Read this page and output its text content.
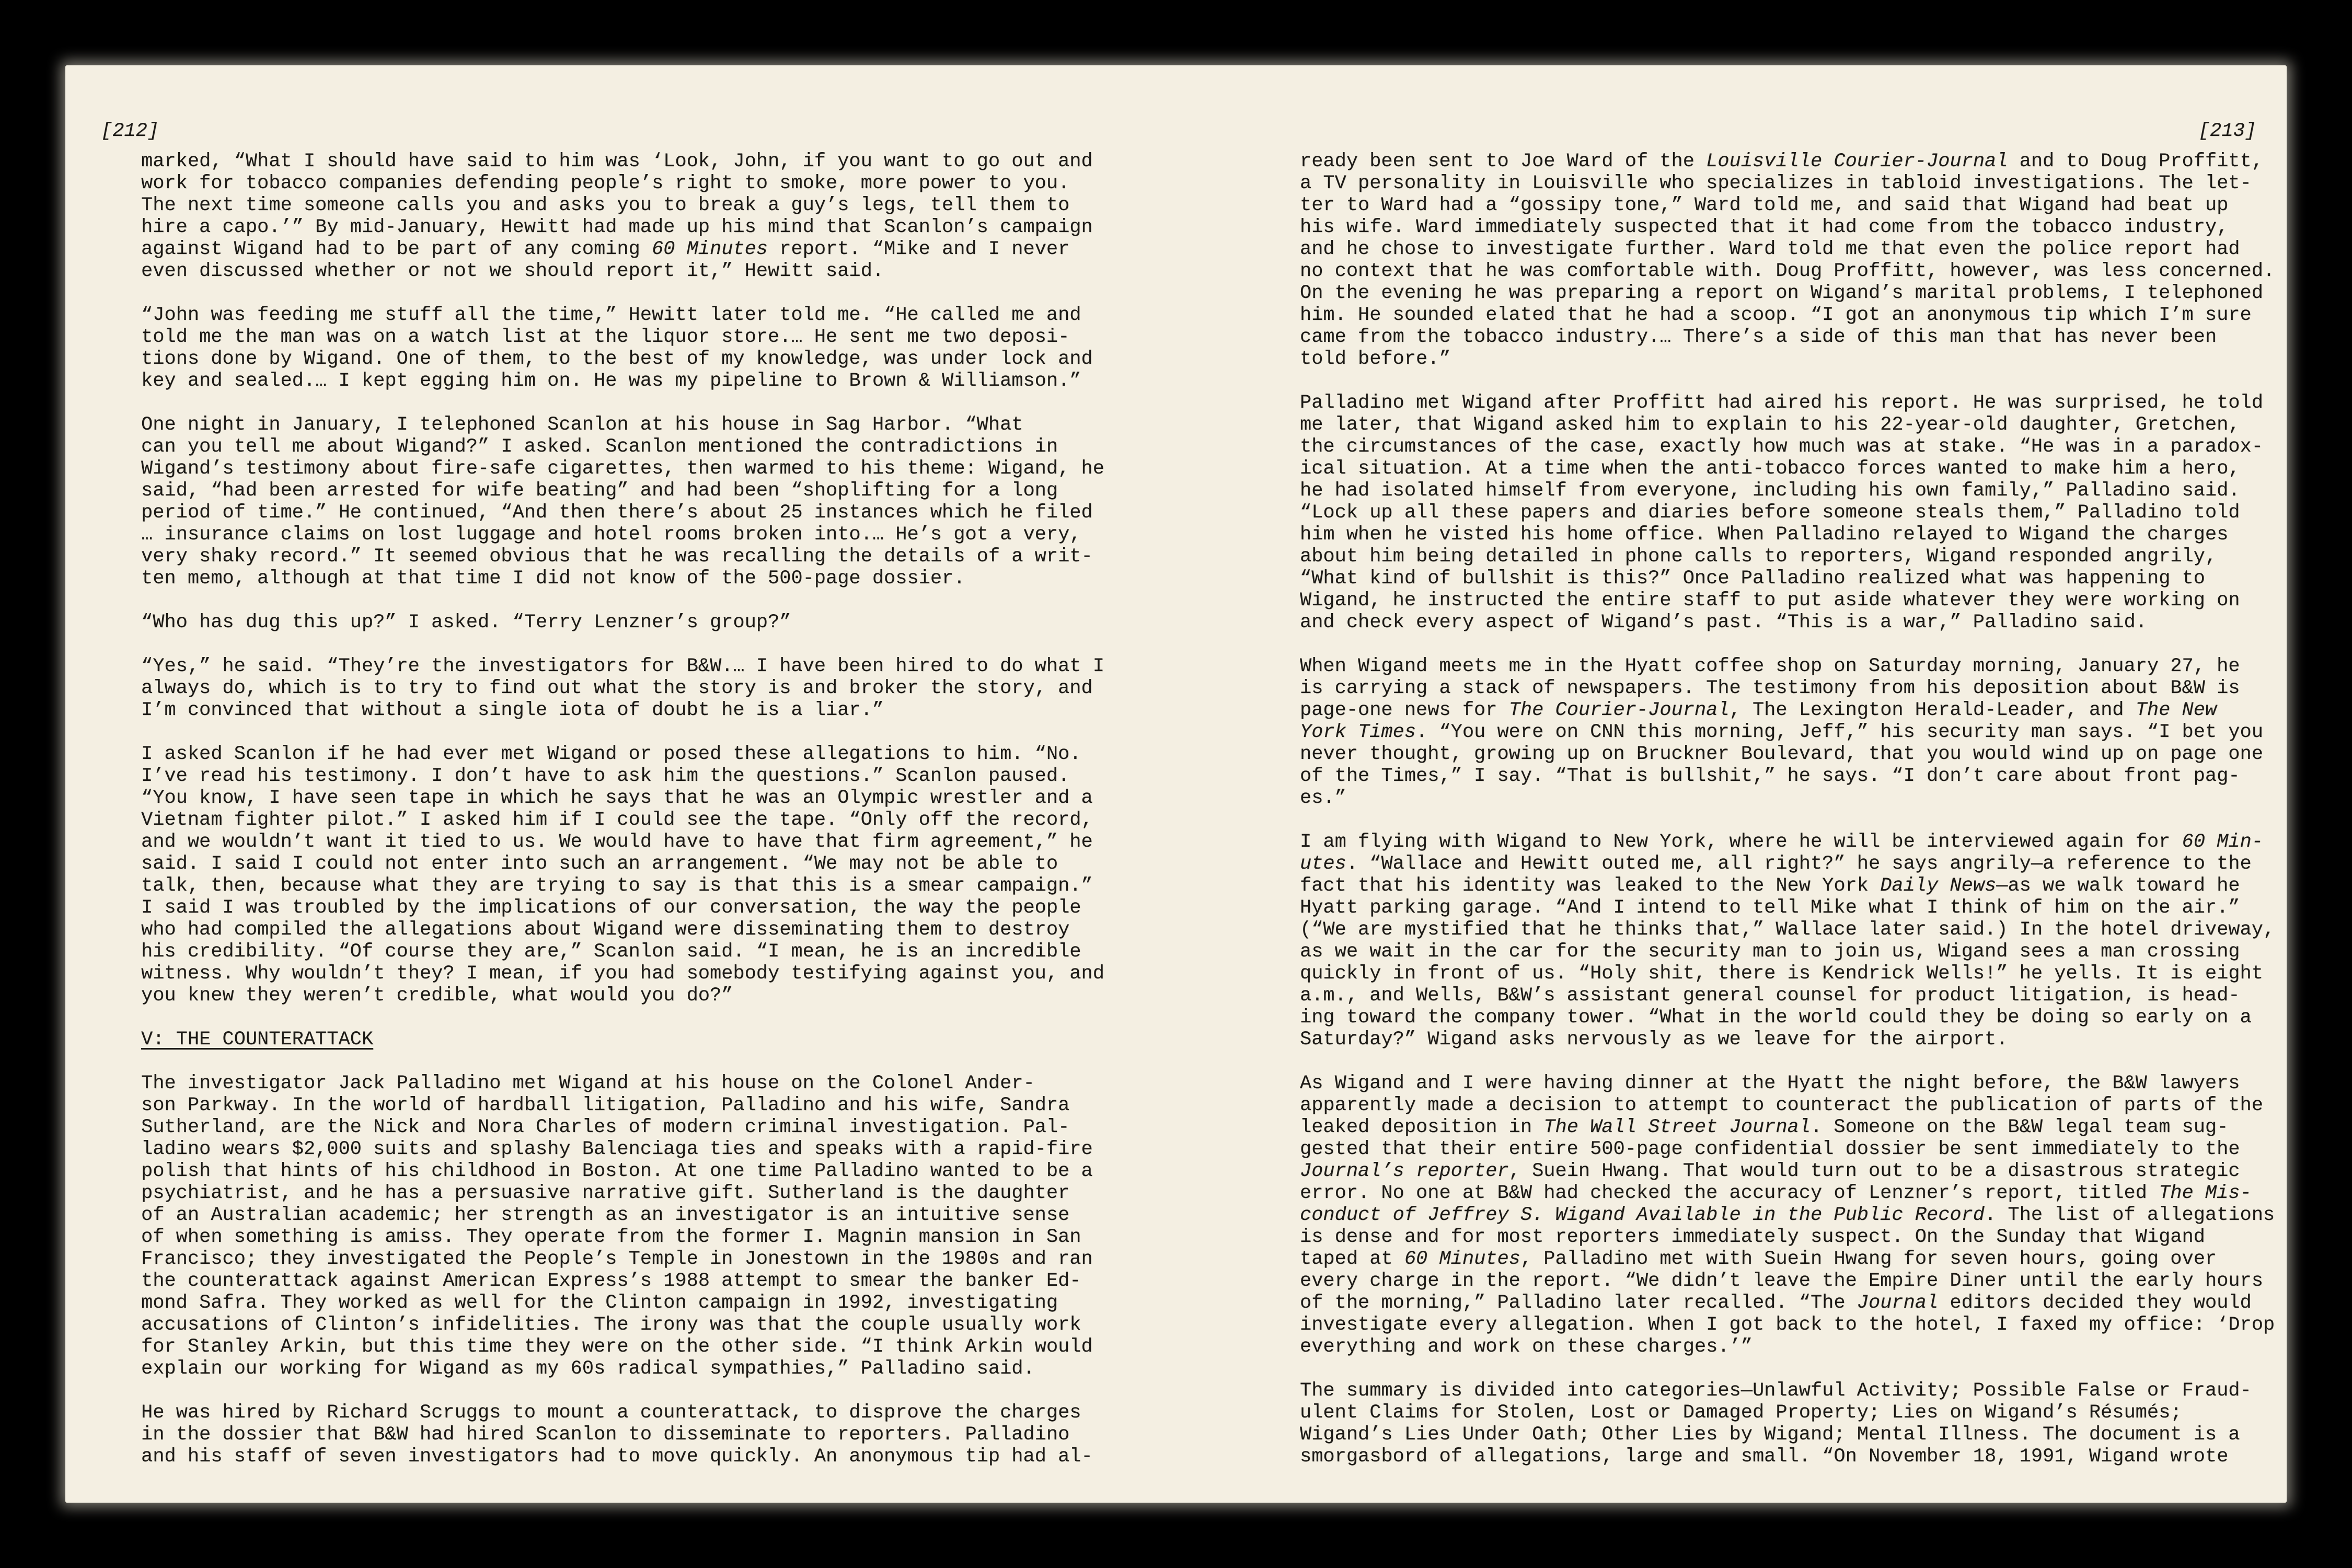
[212]
marked, “What I should have said to him was ‘Look, John, if you want to go out and
work for tobacco companies defending people’s right to smoke, more power to you.
The next time someone calls you and asks you to break a guy’s legs, tell them to
hire a capo.’” By mid-January, Hewitt had made up his mind that Scanlon’s campaign
against Wigand had to be part of any coming 60 Minutes report. “Mike and I never
even discussed whether or not we should report it,” Hewitt said.
“John was feeding me stuff all the time,” Hewitt later told me. “He called me and
told me the man was on a watch list at the liquor store.… He sent me two deposi-
tions done by Wigand. One of them, to the best of my knowledge, was under lock and
key and sealed.… I kept egging him on. He was my pipeline to Brown & Williamson.”
One night in January, I telephoned Scanlon at his house in Sag Harbor. “What
can you tell me about Wigand?” I asked. Scanlon mentioned the contradictions in
Wigand’s testimony about fire-safe cigarettes, then warmed to his theme: Wigand, he
said, “had been arrested for wife beating” and had been “shoplifting for a long
period of time.” He continued, “And then there’s about 25 instances which he filed
… insurance claims on lost luggage and hotel rooms broken into.… He’s got a very,
very shaky record.” It seemed obvious that he was recalling the details of a writ-
ten memo, although at that time I did not know of the 500-page dossier.
“Who has dug this up?” I asked. “Terry Lenzner’s group?”
“Yes,” he said. “They’re the investigators for B&W.… I have been hired to do what I
always do, which is to try to find out what the story is and broker the story, and
I’m convinced that without a single iota of doubt he is a liar.”
I asked Scanlon if he had ever met Wigand or posed these allegations to him. “No.
I’ve read his testimony. I don’t have to ask him the questions.” Scanlon paused.
“You know, I have seen tape in which he says that he was an Olympic wrestler and a
Vietnam fighter pilot.” I asked him if I could see the tape. “Only off the record,
and we wouldn’t want it tied to us. We would have to have that firm agreement,” he
said. I said I could not enter into such an arrangement. “We may not be able to
talk, then, because what they are trying to say is that this is a smear campaign.”
I said I was troubled by the implications of our conversation, the way the people
who had compiled the allegations about Wigand were disseminating them to destroy
his credibility. “Of course they are,” Scanlon said. “I mean, he is an incredible
witness. Why wouldn’t they? I mean, if you had somebody testifying against you, and
you knew they weren’t credible, what would you do?”
V: THE COUNTERATTACK
The investigator Jack Palladino met Wigand at his house on the Colonel Ander-
son Parkway. In the world of hardball litigation, Palladino and his wife, Sandra
Sutherland, are the Nick and Nora Charles of modern criminal investigation. Pal-
ladino wears $2,000 suits and splashy Balenciaga ties and speaks with a rapid-fire
polish that hints of his childhood in Boston. At one time Palladino wanted to be a
psychiatrist, and he has a persuasive narrative gift. Sutherland is the daughter
of an Australian academic; her strength as an investigator is an intuitive sense
of when something is amiss. They operate from the former I. Magnin mansion in San
Francisco; they investigated the People’s Temple in Jonestown in the 1980s and ran
the counterattack against American Express’s 1988 attempt to smear the banker Ed-
mond Safra. They worked as well for the Clinton campaign in 1992, investigating
accusations of Clinton’s infidelities. The irony was that the couple usually work
for Stanley Arkin, but this time they were on the other side. “I think Arkin would
explain our working for Wigand as my 60s radical sympathies,” Palladino said.
He was hired by Richard Scruggs to mount a counterattack, to disprove the charges
in the dossier that B&W had hired Scanlon to disseminate to reporters. Palladino
and his staff of seven investigators had to move quickly. An anonymous tip had al-
[213]
ready been sent to Joe Ward of the Louisville Courier-Journal and to Doug Proffitt,
a TV personality in Louisville who specializes in tabloid investigations. The let-
ter to Ward had a “gossipy tone,” Ward told me, and said that Wigand had beat up
his wife. Ward immediately suspected that it had come from the tobacco industry,
and he chose to investigate further. Ward told me that even the police report had
no context that he was comfortable with. Doug Proffitt, however, was less concerned.
On the evening he was preparing a report on Wigand’s marital problems, I telephoned
him. He sounded elated that he had a scoop. “I got an anonymous tip which I’m sure
came from the tobacco industry.… There’s a side of this man that has never been
told before.”
Palladino met Wigand after Proffitt had aired his report. He was surprised, he told
me later, that Wigand asked him to explain to his 22-year-old daughter, Gretchen,
the circumstances of the case, exactly how much was at stake. “He was in a paradox-
ical situation. At a time when the anti-tobacco forces wanted to make him a hero,
he had isolated himself from everyone, including his own family,” Palladino said.
“Lock up all these papers and diaries before someone steals them,” Palladino told
him when he visted his home office. When Palladino relayed to Wigand the charges
about him being detailed in phone calls to reporters, Wigand responded angrily,
“What kind of bullshit is this?” Once Palladino realized what was happening to
Wigand, he instructed the entire staff to put aside whatever they were working on
and check every aspect of Wigand’s past. “This is a war,” Palladino said.
When Wigand meets me in the Hyatt coffee shop on Saturday morning, January 27, he
is carrying a stack of newspapers. The testimony from his deposition about B&W is
page-one news for The Courier-Journal, The Lexington Herald-Leader, and The New
York Times. “You were on CNN this morning, Jeff,” his security man says. “I bet you
never thought, growing up on Bruckner Boulevard, that you would wind up on page one
of the Times,” I say. “That is bullshit,” he says. “I don’t care about front pag-
es.”
I am flying with Wigand to New York, where he will be interviewed again for 60 Min-
utes. “Wallace and Hewitt outed me, all right?” he says angrily—a reference to the
fact that his identity was leaked to the New York Daily News—as we walk toward he
Hyatt parking garage. “And I intend to tell Mike what I think of him on the air.”
(“We are mystified that he thinks that,” Wallace later said.) In the hotel driveway,
as we wait in the car for the security man to join us, Wigand sees a man crossing
quickly in front of us. “Holy shit, there is Kendrick Wells!” he yells. It is eight
a.m., and Wells, B&W’s assistant general counsel for product litigation, is head-
ing toward the company tower. “What in the world could they be doing so early on a
Saturday?” Wigand asks nervously as we leave for the airport.
As Wigand and I were having dinner at the Hyatt the night before, the B&W lawyers
apparently made a decision to attempt to counteract the publication of parts of the
leaked deposition in The Wall Street Journal. Someone on the B&W legal team sug-
gested that their entire 500-page confidential dossier be sent immediately to the
Journal’s reporter, Suein Hwang. That would turn out to be a disastrous strategic
error. No one at B&W had checked the accuracy of Lenzner’s report, titled The Mis-
conduct of Jeffrey S. Wigand Available in the Public Record. The list of allegations
is dense and for most reporters immediately suspect. On the Sunday that Wigand
taped at 60 Minutes, Palladino met with Suein Hwang for seven hours, going over
every charge in the report. “We didn’t leave the Empire Diner until the early hours
of the morning,” Palladino later recalled. “The Journal editors decided they would
investigate every allegation. When I got back to the hotel, I faxed my office: ‘Drop
everything and work on these charges.’”
The summary is divided into categories—Unlawful Activity; Possible False or Fraud-
ulent Claims for Stolen, Lost or Damaged Property; Lies on Wigand’s Résumés;
Wigand’s Lies Under Oath; Other Lies by Wigand; Mental Illness. The document is a
smorgasbord of allegations, large and small. “On November 18, 1991, Wigand wrote
